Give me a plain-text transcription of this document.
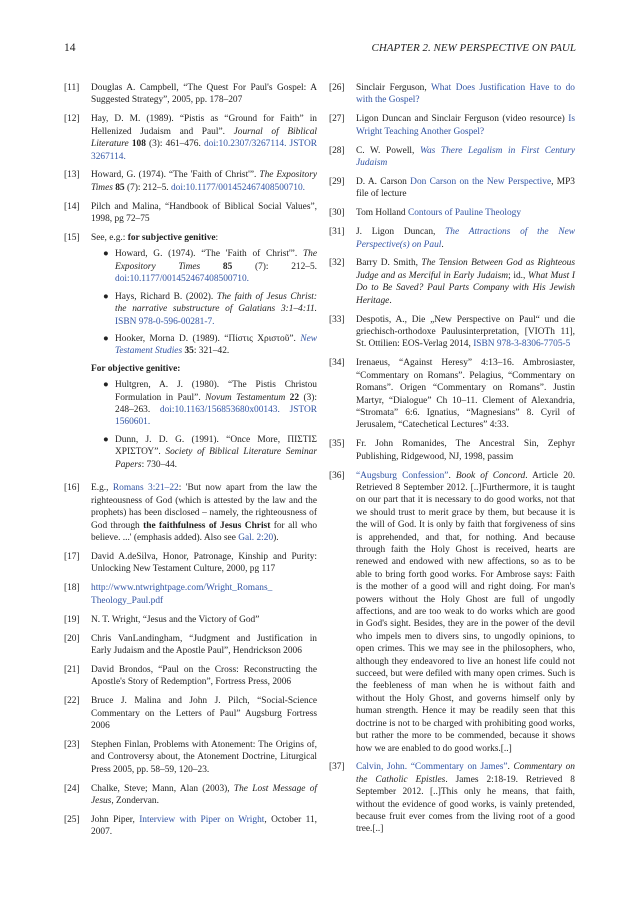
14	CHAPTER 2. NEW PERSPECTIVE ON PAUL
[11]	Douglas A. Campbell, “The Quest For Paul's Gospel: A Suggested Strategy”, 2005, pp. 178–207
[12]	Hay, D. M. (1989). “Pistis as “Ground for Faith” in Hellenized Judaism and Paul”. Journal of Biblical Literature 108 (3): 461–476. doi:10.2307/3267114. JSTOR 3267114.
[13]	Howard, G. (1974). “The 'Faith of Christ'”. The Expository Times 85 (7): 212–5. doi:10.1177/001452467408500710.
[14]	Pilch and Malina, “Handbook of Biblical Social Values”, 1998, pg 72–75
[15]	See, e.g.: for subjective genitive:
● Howard, G. (1974). “The 'Faith of Christ'”. The Expository Times 85 (7): 212–5. doi:10.1177/001452467408500710.
● Hays, Richard B. (2002). The faith of Jesus Christ: the narrative substructure of Galatians 3:1–4:11. ISBN 978-0-596-00281-7.
● Hooker, Morna D. (1989). “Πίστις Χριστοῦ”. New Testament Studies 35: 321–42.
For objective genitive:
● Hultgren, A. J. (1980). “The Pistis Christou Formulation in Paul”. Novum Testamentum 22 (3): 248–263. doi:10.1163/156853680x00143. JSTOR 1560601.
● Dunn, J. D. G. (1991). “Once More, ΠΙΣΤΙΣ ΧΡΙΣΤΟΥ”. Society of Biblical Literature Seminar Papers: 730–44.
[16]	E.g., Romans 3:21–22: 'But now apart from the law the righteousness of God (which is attested by the law and the prophets) has been disclosed – namely, the righteousness of God through the faithfulness of Jesus Christ for all who believe. ...' (emphasis added). Also see Gal. 2:20).
[17]	David A.deSilva, Honor, Patronage, Kinship and Purity: Unlocking New Testament Culture, 2000, pg 117
[18]	http://www.ntwrightpage.com/Wright_Romans_ Theology_Paul.pdf
[19]	N. T. Wright, “Jesus and the Victory of God”
[20]	Chris VanLandingham, “Judgment and Justification in Early Judaism and the Apostle Paul”, Hendrickson 2006
[21]	David Brondos, “Paul on the Cross: Reconstructing the Apostle's Story of Redemption”, Fortress Press, 2006
[22]	Bruce J. Malina and John J. Pilch, “Social-Science Commentary on the Letters of Paul” Augsburg Fortress 2006
[23]	Stephen Finlan, Problems with Atonement: The Origins of, and Controversy about, the Atonement Doctrine, Liturgical Press 2005, pp. 58–59, 120–23.
[24]	Chalke, Steve; Mann, Alan (2003), The Lost Message of Jesus, Zondervan.
[25]	John Piper, Interview with Piper on Wright, October 11, 2007.
[26]	Sinclair Ferguson, What Does Justification Have to do with the Gospel?
[27]	Ligon Duncan and Sinclair Ferguson (video resource) Is Wright Teaching Another Gospel?
[28]	C. W. Powell, Was There Legalism in First Century Judaism
[29]	D. A. Carson Don Carson on the New Perspective, MP3 file of lecture
[30]	Tom Holland Contours of Pauline Theology
[31]	J. Ligon Duncan, The Attractions of the New Perspective(s) on Paul.
[32]	Barry D. Smith, The Tension Between God as Righteous Judge and as Merciful in Early Judaism; id., What Must I Do to Be Saved? Paul Parts Company with His Jewish Heritage.
[33]	Despotis, A., Die „New Perspective on Paul“ und die griechisch-orthodoxe Paulusinterpretation, [VIOTh 11], St. Ottilien: EOS-Verlag 2014, ISBN 978-3-8306-7705-5
[34]	Irenaeus, “Against Heresy” 4:13–16. Ambrosiaster, “Commentary on Romans”. Pelagius, “Commentary on Romans”. Origen “Commentary on Romans”. Justin Martyr, “Dialogue” Ch 10–11. Clement of Alexandria, “Stromata” 6:6. Ignatius, “Magnesians” 8. Cyril of Jerusalem, “Catechetical Lectures” 4:33.
[35]	Fr. John Romanides, The Ancestral Sin, Zephyr Publishing, Ridgewood, NJ, 1998, passim
[36]	“Augsburg Confession”. Book of Concord. Article 20. Retrieved 8 September 2012. [..]Furthermore, it is taught on our part that it is necessary to do good works, not that we should trust to merit grace by them, but because it is the will of God. It is only by faith that forgiveness of sins is apprehended, and that, for nothing. And because through faith the Holy Ghost is received, hearts are renewed and endowed with new affections, so as to be able to bring forth good works. For Ambrose says: Faith is the mother of a good will and right doing. For man's powers without the Holy Ghost are full of ungodly affections, and are too weak to do works which are good in God's sight. Besides, they are in the power of the devil who impels men to divers sins, to ungodly opinions, to open crimes. This we may see in the philosophers, who, although they endeavored to live an honest life could not succeed, but were defiled with many open crimes. Such is the feebleness of man when he is without faith and without the Holy Ghost, and governs himself only by human strength. Hence it may be readily seen that this doctrine is not to be charged with prohibiting good works, but rather the more to be commended, because it shows how we are enabled to do good works.[..]
[37]	Calvin, John. “Commentary on James”. Commentary on the Catholic Epistles. James 2:18-19. Retrieved 8 September 2012. [..]This only he means, that faith, without the evidence of good works, is vainly pretended, because fruit ever comes from the living root of a good tree.[..]
